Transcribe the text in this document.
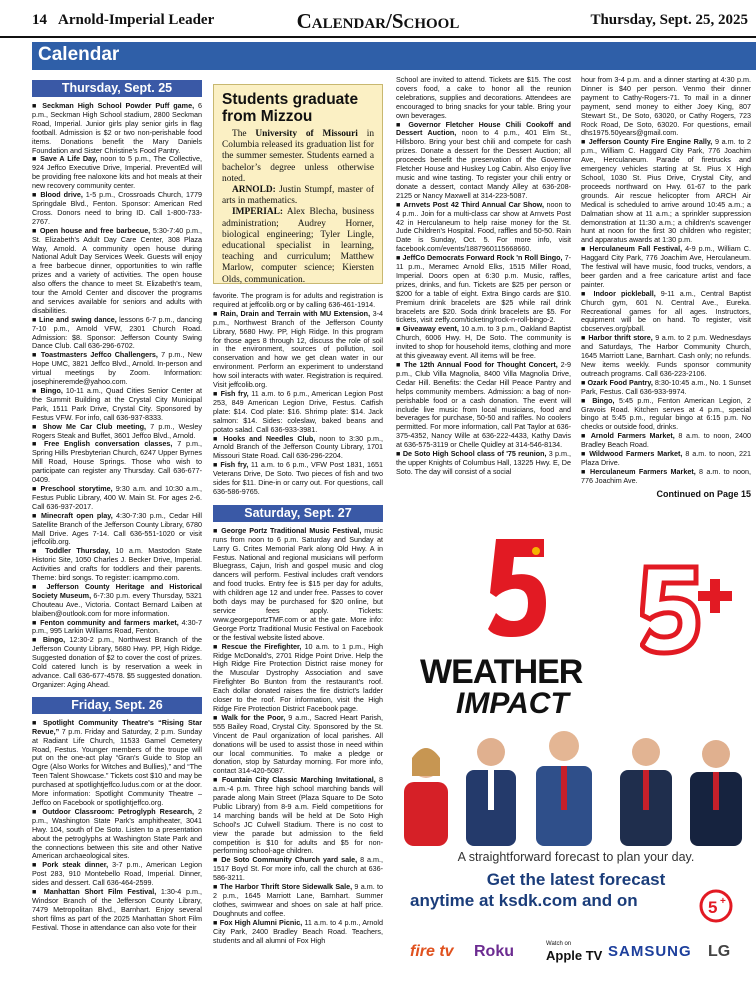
14 Arnold-Imperial Leader	Calendar/School	Thursday, Sept. 25, 2025
Calendar
Thursday, Sept. 25

■ Seckman High School Powder Puff game, 6 p.m., Seckman High School stadium, 2800 Seckman Road, Imperial. Junior girls play senior girls in flag football. Admission is $2 or two non-perishable food items. Donations benefit the Mary Daniels Foundation and Sister Christine's Food Pantry.

■ Save A Life Day, noon to 5 p.m., The Collective, 924 Jeffco Executive Drive, Imperial. PreventEd will be providing free naloxone kits and hot meals at their new recovery community center.

■ Blood drive, 1-5 p.m., Crossroads Church, 1779 Springdale Blvd., Fenton. Sponsor: American Red Cross. Donors need to bring ID. Call 1-800-733-2767.

■ Open house and free barbecue, 5:30-7:40 p.m., St. Elizabeth's Adult Day Care Center, 308 Plaza Way, Arnold. A community open house during National Adult Day Services Week. Guests will enjoy a free barbecue dinner, opportunities to win raffle prizes and a variety of activities. The open house also offers the chance to meet St. Elizabeth's team, tour the Arnold Center and discover the programs and services available for seniors and adults with disabilities.

■ Line and swing dance, lessons 6-7 p.m., dancing 7-10 p.m., Arnold VFW, 2301 Church Road. Admission: $8. Sponsor: Jefferson County Swing Dance Club. Call 636-296-6702.

■ Toastmasters Jeffco Challengers, 7 p.m., New Hope UMC, 3821 Jeffco Blvd., Arnold. In-person and virtual meetings by Zoom. Information: josephineremde@yahoo.com.

■ Bingo, 10-11 a.m., Quad Cities Senior Center at the Summit Building at the Crystal City Municipal Park, 1511 Park Drive, Crystal City. Sponsored by Festus VFW. For info, call 636-937-8333.

■ Show Me Car Club meeting, 7 p.m., Wesley Rogers Steak and Buffet, 3601 Jeffco Blvd., Arnold.

■ Free English conversation classes, 7 p.m., Spring Hills Presbyterian Church, 6247 Upper Byrnes Mill Road, House Springs. Those who wish to participate can register any Thursday. Call 636-677-0409.

■ Preschool storytime, 9:30 a.m. and 10:30 a.m., Festus Public Library, 400 W. Main St. For ages 2-6. Call 636-937-2017.

■ Minecraft open play, 4:30-7:30 p.m., Cedar Hill Satellite Branch of the Jefferson County Library, 6780 Mall Drive. Ages 7-14. Call 636-551-1020 or visit jeffcolib.org.

■ Toddler Thursday, 10 a.m. Mastodon State Historic Site, 1050 Charles J. Becker Drive, Imperial. Activities and crafts for toddlers and their parents. Theme: bird songs. To register: icampmo.com.

■ Jefferson County Heritage and Historical Society Museum, 6-7:30 p.m. every Thursday, 5321 Chouteau Ave., Victoria. Contact Bernard Laiben at blaiben@outlook.com for more information.

■ Fenton community and farmers market, 4:30-7 p.m., 995 Larkin Williams Road, Fenton.

■ Bingo, 12:30-2 p.m., Northwest Branch of the Jefferson County Library, 5680 Hwy. PP, High Ridge. Suggested donation of $2 to cover the cost of prizes. Cold catered lunch is by reservation a week in advance. Call 636-677-4578. $5 suggested donation. Organizer: Aging Ahead.

Friday, Sept. 26

■ Spotlight Community Theatre's “Rising Star Revue,” 7 p.m. Friday and Saturday, 2 p.m. Sunday at Radiant Life Church, 11533 Gamel Cemetery Road, Festus. Younger members of the troupe will put on the one-act play “Gran's Guide to Stop an Ogre (Also Works for Witches and Bullies),” and “The Teen Talent Showcase.” Tickets cost $10 and may be purchased at spotlightjeffco.ludus.com or at the door. More information: Spotlight Community Theatre – Jeffco on Facebook or spotlightjeffco.org.

■ Outdoor Classroom: Petroglyph Research, 2 p.m., Washington State Park's amphitheater, 3041 Hwy. 104, south of De Soto. Listen to a presentation about the petroglyphs at Washington State Park and the connections between this site and other Native American archaeological sites.

■ Pork steak dinner, 3-7 p.m., American Legion Post 283, 910 Montebello Road, Imperial. Dinner, sides and dessert. Call 636-464-2599.

■ Manhattan Short Film Festival, 1:30-4 p.m., Windsor Branch of the Jefferson County Library, 7479 Metropolitan Blvd., Barnhart. Enjoy several short films as part of the 2025 Manhattan Short Film Festival. Those in attendance can also vote for their

Students graduate from Mizzou

The University of Missouri in Columbia released its graduation list for the summer semester. Students earned a bachelor’s degree unless otherwise noted.

ARNOLD: Justin Stumpf, master of arts in mathematics.

IMPERIAL: Alex Blecha, business administration; Audrey Horner, biological engineering; Tyler Lingle, educational specialist in learning, teaching and curriculum; Matthew Marlow, computer science; Kiersten Olds, communication.

favorite. The program is for adults and registration is required at jeffcolib.org or by calling 636-461-1914.

■ Rain, Drain and Terrain with MU Extension, 3-4 p.m., Northwest Branch of the Jefferson County Library, 5680 Hwy. PP, High Ridge. In this program for those ages 8 through 12, discuss the role of soil in the environment, sources of pollution, soil conservation and how we get clean water in our environment. Perform an experiment to understand how soil interacts with water. Registration is required. Visit jeffcolib.org.

■ Fish fry, 11 a.m. to 6 p.m., American Legion Post 253, 849 American Legion Drive, Festus. Catfish plate: $14. Cod plate: $16. Shrimp plate: $14. Jack salmon: $14. Sides: coleslaw, baked beans and potato salad. Call 636-933-3981.

■ Hooks and Needles Club, noon to 3:30 p.m., Arnold Branch of the Jefferson County Library, 1701 Missouri State Road. Call 636-296-2204.

■ Fish fry, 11 a.m. to 6 p.m., VFW Post 1831, 1651 Veterans Drive, De Soto. Two pieces of fish and two sides for $11. Dine-in or carry out. For questions, call 636-586-9765.

Saturday, Sept. 27

■ George Portz Traditional Music Festival, music runs from noon to 6 p.m. Saturday and Sunday at Larry G. Crites Memorial Park along Old Hwy. A in Festus. National and regional musicians will perform Bluegrass, Cajun, Irish and gospel music and clog dancers will perform. Festival includes craft vendors and food trucks. Entry fee is $15 per day for adults, with children age 12 and under free. Passes to cover both days may be purchased for $20 online, but service fees apply. Tickets: www.georgeportzTMF.com or at the gate. More info: George Portz Traditional Music Festival on Facebook or the festival website listed above.

■ Rescue the Firefighter, 10 a.m. to 1 p.m., High Ridge McDonald's, 2701 Ridge Point Drive. Help the High Ridge Fire Protection District raise money for the Muscular Dystrophy Association and save Firefighter Bo Bunton from the restaurant's roof. Each dollar donated raises the fire district's ladder closer to the roof. For information, visit the High Ridge Fire Protection District Facebook page.

■ Walk for the Poor, 9 a.m., Sacred Heart Parish, 555 Bailey Road, Crystal City. Sponsored by the St. Vincent de Paul organization of local parishes. All donations will be used to assist those in need within our local communities. To make a pledge or donation, stop by Saturday morning. For more info, contact 314-420-5087.

■ Fountain City Classic Marching Invitational, 8 a.m.-4 p.m. Three high school marching bands will parade along Main Street (Plaza Square to De Soto Public Library) from 8-9 a.m. Field competitions for 14 marching bands will be held at De Soto High School's JC Culwell Stadium. There is no cost to view the parade but admission to the field competition is $10 for adults and $5 for non-performing school-age children.

■ De Soto Community Church yard sale, 8 a.m., 1517 Boyd St. For more info, call the church at 636-586-3211.

■ The Harbor Thrift Store Sidewalk Sale, 9 a.m. to 2 p.m., 1645 Marriott Lane, Barnhart. Summer clothes, swimwear and shoes on sale at half price. Doughnuts and coffee.

■ Fox High Alumni Picnic, 11 a.m. to 4 p.m., Arnold City Park, 2400 Bradley Beach Road. Teachers, students and all alumni of Fox High

School are invited to attend. Tickets are $15. The cost covers food, a cake to honor all the reunion celebrations, supplies and decorations. Attendees are encouraged to bring snacks for your table. Bring your own beverages.

■ Governor Fletcher House Chili Cookoff and Dessert Auction, noon to 4 p.m., 401 Elm St., Hillsboro. Bring your best chili and compete for cash prizes. Donate a dessert for the Dessert Auction; all proceeds benefit the preservation of the Governor Fletcher House and Huskey Log Cabin. Also enjoy live music and wine tasting. To register your chili entry or donate a dessert, contact Mandy Alley at 636-208-2125 or Nancy Maxwell at 314-223-5087.

■ Arnvets Post 42 Third Annual Car Show, noon to 4 p.m.. Join for a multi-class car show at Arnvets Post 42 in Herculaneum to help raise money for the St. Jude Children's Hospital. Food, raffles and 50-50. Rain Date is Sunday, Oct. 5. For more info, visit facebook.com/events/1887960115668660.

■ JeffCo Democrats Forward Rock 'n Roll Bingo, 7-11 p.m., Meramec Arnold Elks, 1515 Miller Road, Imperial. Doors open at 6:30 p.m. Music, raffles, prizes, drinks, and fun. Tickets are $25 per person or $200 for a table of eight. Extra Bingo cards are $10. Premium drink bracelets are $25 while rail drink bracelets are $20. Soda drink bracelets are $5. For tickets, visit zeffy.com/ticketing/rock-n-roll-bingo-2.

■ Giveaway event, 10 a.m. to 3 p.m., Oakland Baptist Church, 6006 Hwy. H, De Soto. The community is invited to shop for household items, clothing and more at this giveaway event. All items will be free.

■ The 12th Annual Food for Thought Concert, 2-9 p.m., Club Villa Magnolia, 8400 Villa Magnolia Drive, Cedar Hill. Benefits: the Cedar Hill Peace Pantry and helps community members. Admission: a bag of non-perishable food or a cash donation. The event will include live music from local musicians, food and beverages for purchase, 50-50 and raffles. No coolers permitted. For more information, call Pat Taylor at 636-375-4352, Nancy Wille at 636-222-4433, Kathy Davis at 636-575-3119 or Chelle Quidley at 314-546-8134.

■ De Soto High School class of '75 reunion, 3 p.m., the upper Knights of Columbus Hall, 13225 Hwy. E, De Soto. The day will consist of a social

hour from 3-4 p.m. and a dinner starting at 4:30 p.m. Dinner is $40 per person. Venmo their dinner payment to Cathy-Rogers-71. To mail in a dinner payment, send money to either Joey King, 807 Stewart St., De Soto, 63020, or Cathy Rogers, 723 Rock Road, De Soto, 63020. For questions, email dhs1975.50years@gmail.com.

■ Jefferson County Fire Engine Rally, 9 a.m. to 2 p.m., William C. Haggard City Park, 776 Joachim Ave, Herculaneum. Parade of firetrucks and emergency vehicles starting at St. Pius X High School, 1030 St. Pius Drive, Crystal City, and proceeds northward on Hwy. 61-67 to the park grounds. Air rescue helicopter from ARCH Air Medical is scheduled to arrive around 10:45 a.m.; a Dalmatian show at 11 a.m.; a sprinkler suppression demonstration at 11:30 a.m.; a children's scavenger hunt at noon for the first 30 children who register; and apparatus awards at 1:30 p.m.

■ Herculaneum Fall Festival, 4-9 p.m., William C. Haggard City Park, 776 Joachim Ave, Herculaneum. The festival will have music, food trucks, vendors, a beer garden and a free caricature artist and face painter.

■ Indoor pickleball, 9-11 a.m., Central Baptist Church gym, 601 N. Central Ave., Eureka. Recreational games for all ages. Instructors, equipment will be on hand. To register, visit cbcserves.org/pball.

■ Harbor thrift store, 9 a.m. to 2 p.m. Wednesdays and Saturdays, The Harbor Community Church, 1645 Marriott Lane, Barnhart. Cash only; no refunds. New items weekly. Funds sponsor community outreach programs. Call 636-223-2106.

■ Ozark Food Pantry, 8:30-10:45 a.m., No. 1 Sunset Park, Festus. Call 636-933-9974.

■ Bingo, 5:45 p.m., Fenton American Legion, 2 Gravois Road. Kitchen serves at 4 p.m., special bingo at 5:45 p.m., regular bingo at 6:15 p.m. No checks or outside food, drinks.

■ Arnold Farmers Market, 8 a.m. to noon, 2400 Bradley Beach Road.

■ Wildwood Farmers Market, 8 a.m. to noon, 221 Plaza Drive.

■ Herculaneum Farmers Market, 8 a.m. to noon, 776 Joachim Ave.

Continued on Page 15
WEATHER
IMPACT
A straightforward forecast to plan your day.
Get the latest forecast
anytime at ksdk.com and on	5 +
fire tv Roku	Watch on
Apple TV SAMSUNG LG
